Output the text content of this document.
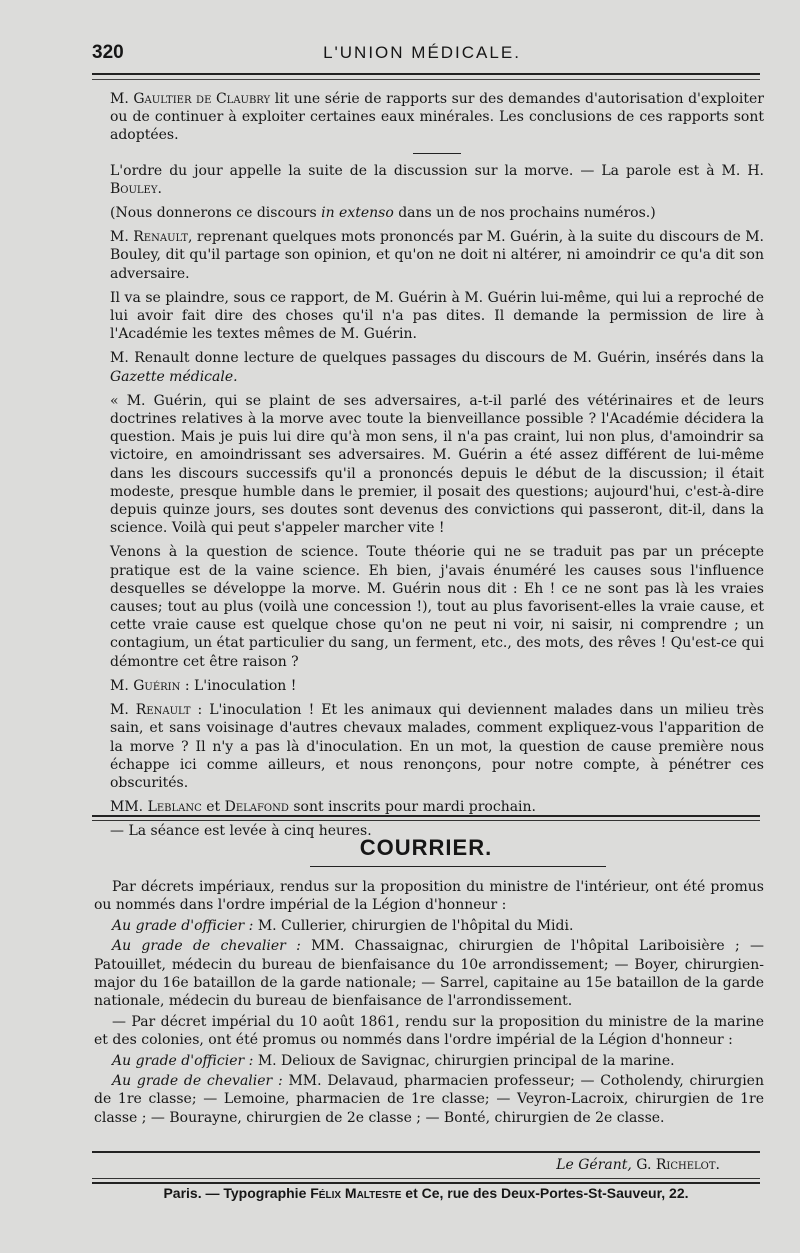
320	L'UNION MÉDICALE.

M. Gaultier de Claubry lit une série de rapports sur des demandes d'autorisation d'exploiter ou de continuer à exploiter certaines eaux minérales. Les conclusions de ces rapports sont adoptées.

L'ordre du jour appelle la suite de la discussion sur la morve. — La parole est à M. H. Bouley.

(Nous donnerons ce discours in extenso dans un de nos prochains numéros.)

M. Renault, reprenant quelques mots prononcés par M. Guérin, à la suite du discours de M. Bouley, dit qu'il partage son opinion, et qu'on ne doit ni altérer, ni amoindrir ce qu'a dit son adversaire.

Il va se plaindre, sous ce rapport, de M. Guérin à M. Guérin lui-même, qui lui a reproché de lui avoir fait dire des choses qu'il n'a pas dites. Il demande la permission de lire à l'Académie les textes mêmes de M. Guérin.

M. Renault donne lecture de quelques passages du discours de M. Guérin, insérés dans la Gazette médicale.

« M. Guérin, qui se plaint de ses adversaires, a-t-il parlé des vétérinaires et de leurs doctrines relatives à la morve avec toute la bienveillance possible ? l'Académie décidera la question. Mais je puis lui dire qu'à mon sens, il n'a pas craint, lui non plus, d'amoindrir sa victoire, en amoindrissant ses adversaires. M. Guérin a été assez différent de lui-même dans les discours successifs qu'il a prononcés depuis le début de la discussion; il était modeste, presque humble dans le premier, il posait des questions; aujourd'hui, c'est-à-dire depuis quinze jours, ses doutes sont devenus des convictions qui passeront, dit-il, dans la science. Voilà qui peut s'appeler marcher vite !

Venons à la question de science. Toute théorie qui ne se traduit pas par un précepte pratique est de la vaine science. Eh bien, j'avais énuméré les causes sous l'influence desquelles se développe la morve. M. Guérin nous dit : Eh ! ce ne sont pas là les vraies causes; tout au plus (voilà une concession !), tout au plus favorisent-elles la vraie cause, et cette vraie cause est quelque chose qu'on ne peut ni voir, ni saisir, ni comprendre ; un contagium, un état particulier du sang, un ferment, etc., des mots, des rêves ! Qu'est-ce qui démontre cet être raison ?

M. Guérin : L'inoculation !

M. Renault : L'inoculation ! Et les animaux qui deviennent malades dans un milieu très sain, et sans voisinage d'autres chevaux malades, comment expliquez-vous l'apparition de la morve ? Il n'y a pas là d'inoculation. En un mot, la question de cause première nous échappe ici comme ailleurs, et nous renonçons, pour notre compte, à pénétrer ces obscurités.

MM. Leblanc et Delafond sont inscrits pour mardi prochain.

— La séance est levée à cinq heures.

COURRIER.

Par décrets impériaux, rendus sur la proposition du ministre de l'intérieur, ont été promus ou nommés dans l'ordre impérial de la Légion d'honneur :

Au grade d'officier : M. Cullerier, chirurgien de l'hôpital du Midi.

Au grade de chevalier : MM. Chassaignac, chirurgien de l'hôpital Lariboisière ; — Patouillet, médecin du bureau de bienfaisance du 10e arrondissement; — Boyer, chirurgien-major du 16e bataillon de la garde nationale; — Sarrel, capitaine au 15e bataillon de la garde nationale, médecin du bureau de bienfaisance de l'arrondissement.

— Par décret impérial du 10 août 1861, rendu sur la proposition du ministre de la marine et des colonies, ont été promus ou nommés dans l'ordre impérial de la Légion d'honneur :

Au grade d'officier : M. Delioux de Savignac, chirurgien principal de la marine.

Au grade de chevalier : MM. Delavaud, pharmacien professeur; — Cotholendy, chirurgien de 1re classe; — Lemoine, pharmacien de 1re classe; — Veyron-Lacroix, chirurgien de 1re classe ; — Bourayne, chirurgien de 2e classe ; — Bonté, chirurgien de 2e classe.

Le Gérant, G. Richelot.
Paris. — Typographie Félix Malteste et Ce, rue des Deux-Portes-St-Sauveur, 22.
